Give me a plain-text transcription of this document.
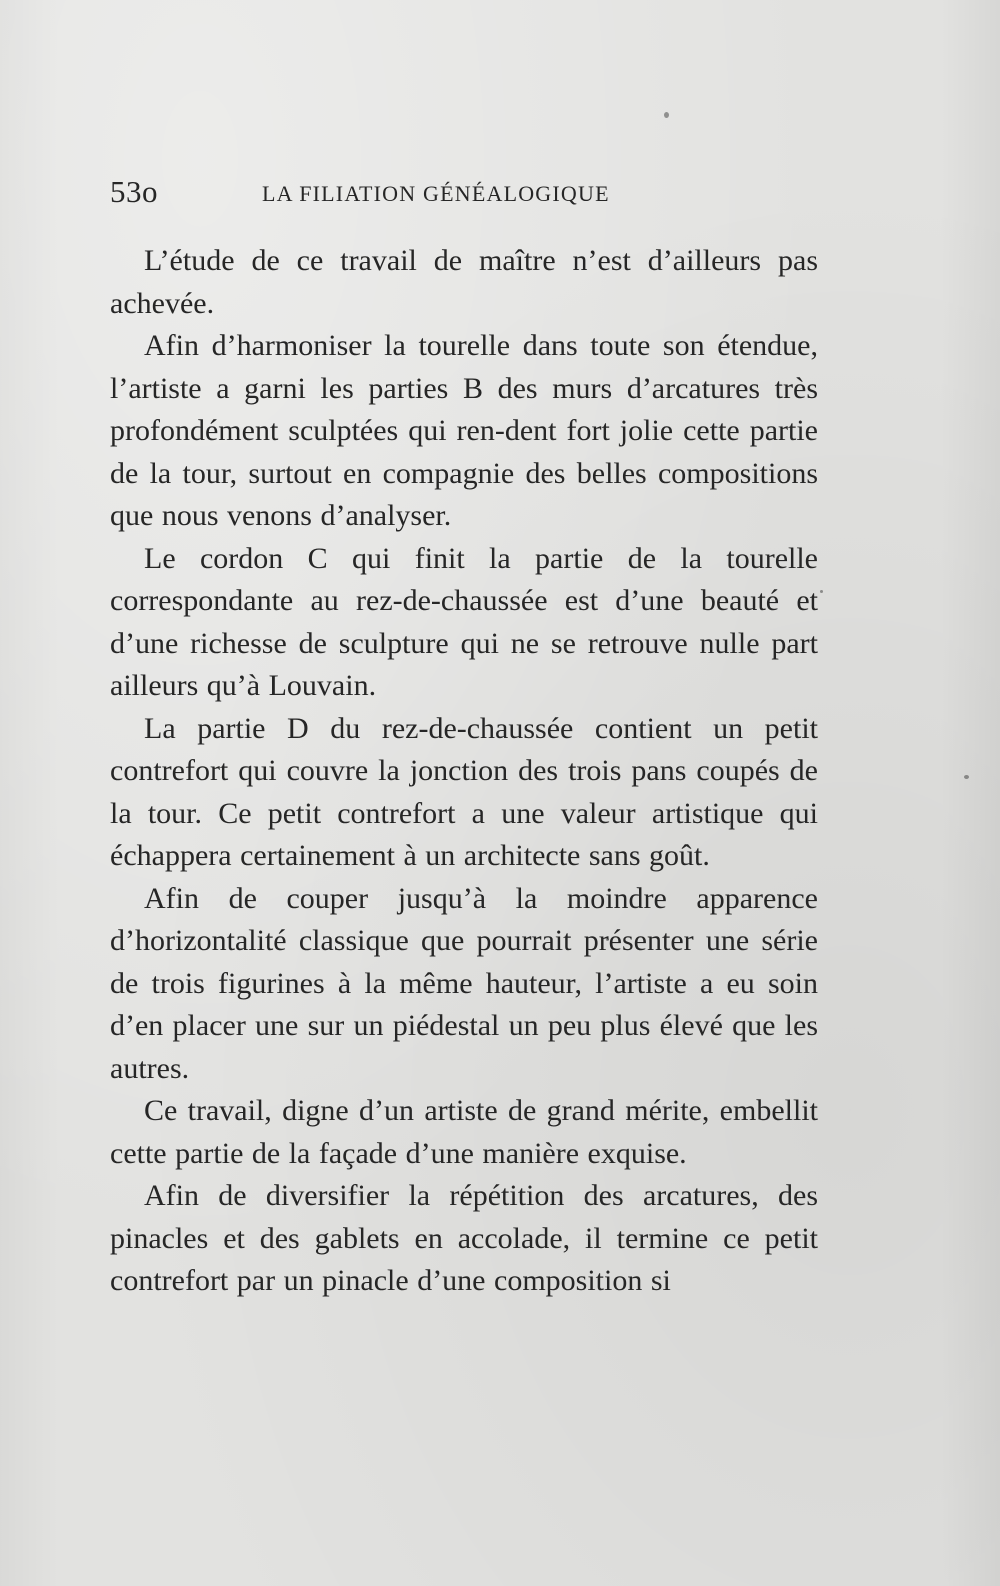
53o	LA FILIATION GÉNÉALOGIQUE

L’étude de ce travail de maître n’est d’ailleurs pas achevée.

Afin d’harmoniser la tourelle dans toute son étendue, l’artiste a garni les parties B des murs d’arcatures très profondément sculptées qui ren-dent fort jolie cette partie de la tour, surtout en compagnie des belles compositions que nous venons d’analyser.

Le cordon C qui finit la partie de la tourelle correspondante au rez-de-chaussée est d’une beauté et d’une richesse de sculpture qui ne se retrouve nulle part ailleurs qu’à Louvain.

La partie D du rez-de-chaussée contient un petit contrefort qui couvre la jonction des trois pans coupés de la tour. Ce petit contrefort a une valeur artistique qui échappera certainement à un architecte sans goût.

Afin de couper jusqu’à la moindre apparence d’horizontalité classique que pourrait présenter une série de trois figurines à la même hauteur, l’artiste a eu soin d’en placer une sur un piédestal un peu plus élevé que les autres.

Ce travail, digne d’un artiste de grand mérite, embellit cette partie de la façade d’une manière exquise.

Afin de diversifier la répétition des arcatures, des pinacles et des gablets en accolade, il termine ce petit contrefort par un pinacle d’une composition si
